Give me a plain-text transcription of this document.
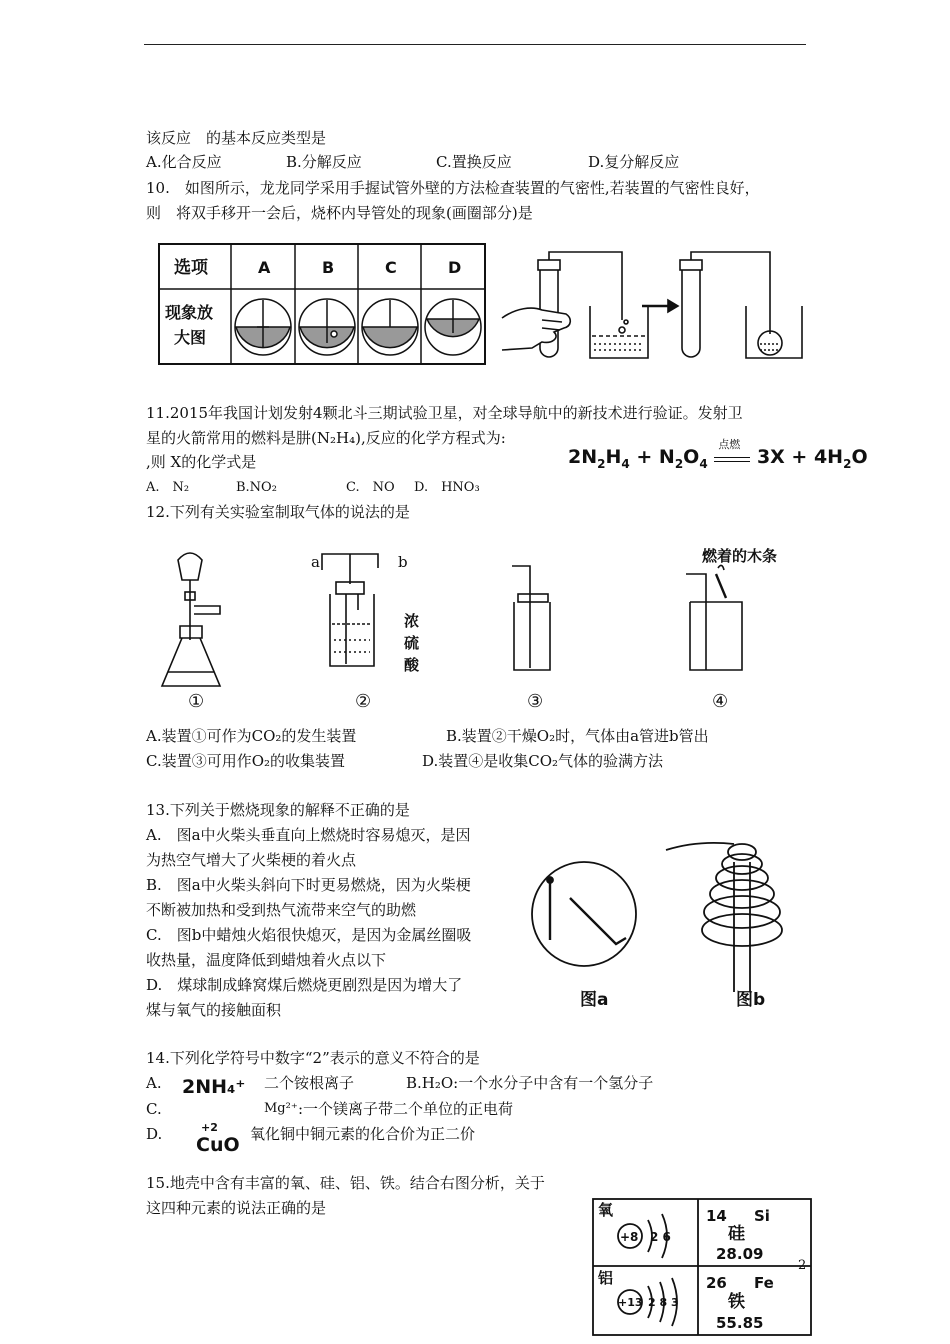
该反应　的基本反应类型是
A.化合反应	B.分解反应	C.置换反应	D.复分解反应
10.　如图所示，龙龙同学采用手握试管外壁的方法检查装置的气密性,若装置的气密性良好，
则　将双手移开一会后，烧杯内导管处的现象(画圈部分)是
选项	A	B	C	D
现象放
大图
11.2015年我国计划发射4颗北斗三期试验卫星，对全球导航中的新技术进行验证。发射卫
星的火箭常用的燃料是肼(N₂H₄),反应的化学方程式为:
,则 X的化学式是	$2N_2H_4 + N_2O_4$
点燃
$3X + 4H_2O$
A.　N₂	B.NO₂	C.　NO D.　HNO₃
12.下列有关实验室制取气体的说法的是
a	b
浓
硫
酸
燃着的木条
①	②	③	④
A.装置①可作为CO₂的发生装置	B.装置②干燥O₂时，气体由a管进b管出
C.装置③可用作O₂的收集装置	D.装置④是收集CO₂气体的验满方法
13.下列关于燃烧现象的解释不正确的是
A.　图a中火柴头垂直向上燃烧时容易熄灭，是因
为热空气增大了火柴梗的着火点
B.　图a中火柴头斜向下时更易燃烧，因为火柴梗
不断被加热和受到热气流带来空气的助燃
C.　图b中蜡烛火焰很快熄灭，是因为金属丝圈吸
收热量，温度降低到蜡烛着火点以下
D.　煤球制成蜂窝煤后燃烧更剧烈是因为增大了
煤与氧气的接触面积	图a	图b
14.下列化学符号中数字“2”表示的意义不符合的是
A. 2NH₄⁺ 二个铵根离子	B.H₂O:一个水分子中含有一个氢分子
C.	Mg²⁺ :一个镁离子带二个单位的正电荷
D.	+2
CuO 氧化铜中铜元素的化合价为正二价
15.地壳中含有丰富的氧、硅、铝、铁。结合右图分析，关于
这四种元素的说法正确的是	氧
+8 2 6
14 Si
硅
28.09
铝
+13 2 8 3
26 Fe
铁
55.85
2
